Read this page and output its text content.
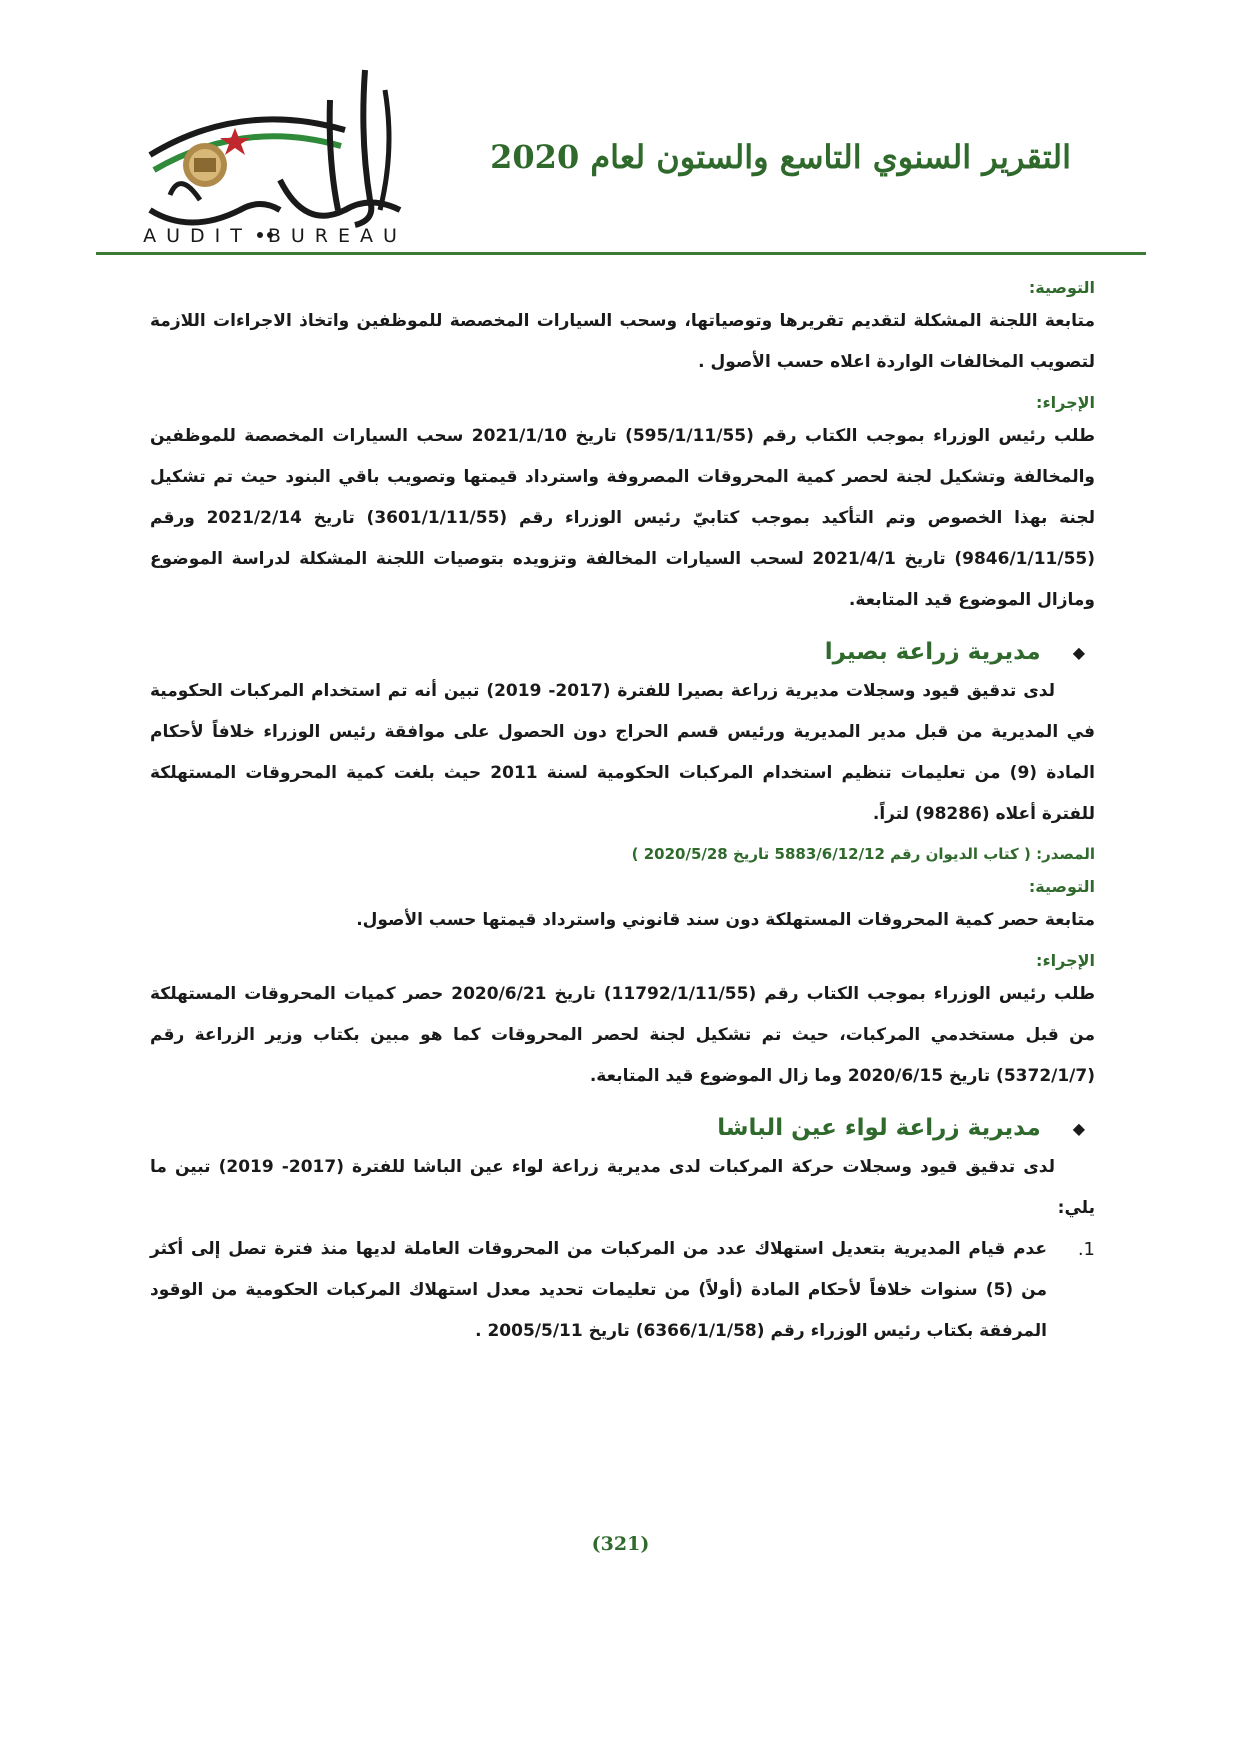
AUDIT BUREAU
التقرير السنوي التاسع والستون لعام 2020
التوصية:

متابعة اللجنة المشكلة لتقديم تقريرها وتوصياتها، وسحب السيارات المخصصة للموظفين واتخاذ الاجراءات اللازمة لتصويب المخالفات الواردة اعلاه حسب الأصول .

الإجراء:

طلب رئيس الوزراء بموجب الكتاب رقم (595/1/11/55) تاريخ 2021/1/10 سحب السيارات المخصصة للموظفين والمخالفة وتشكيل لجنة لحصر كمية المحروقات المصروفة واسترداد قيمتها وتصويب باقي البنود حيث تم تشكيل لجنة بهذا الخصوص وتم التأكيد بموجب كتابيّ رئيس الوزراء رقم (3601/1/11/55) تاريخ 2021/2/14 ورقم (9846/1/11/55) تاريخ 2021/4/1 لسحب السيارات المخالفة وتزويده بتوصيات اللجنة المشكلة لدراسة الموضوع ومازال الموضوع قيد المتابعة.

◆
مديرية زراعة بصيرا

لدى تدقيق قيود وسجلات مديرية زراعة بصيرا للفترة (2017- 2019) تبين أنه تم استخدام المركبات الحكومية في المديرية من قبل مدير المديرية ورئيس قسم الحراج دون الحصول على موافقة رئيس الوزراء خلافاً لأحكام المادة (9) من تعليمات تنظيم استخدام المركبات الحكومية لسنة 2011 حيث بلغت كمية المحروقات المستهلكة للفترة أعلاه (98286) لتراً.

المصدر: ( كتاب الديوان رقم 5883/6/12/12 تاريخ 2020/5/28 )
التوصية:

متابعة حصر كمية المحروقات المستهلكة دون سند قانوني واسترداد قيمتها حسب الأصول.

الإجراء:

طلب رئيس الوزراء بموجب الكتاب رقم (11792/1/11/55) تاريخ 2020/6/21 حصر كميات المحروقات المستهلكة من قبل مستخدمي المركبات، حيث تم تشكيل لجنة لحصر المحروقات كما هو مبين بكتاب وزير الزراعة رقم (5372/1/7) تاريخ 2020/6/15 وما زال الموضوع قيد المتابعة.

◆
مديرية زراعة لواء عين الباشا

لدى تدقيق قيود وسجلات حركة المركبات لدى مديرية زراعة لواء عين الباشا للفترة (2017- 2019) تبين ما يلي:

1.

عدم قيام المديرية بتعديل استهلاك عدد من المركبات من المحروقات العاملة لديها منذ فترة تصل إلى أكثر من (5) سنوات خلافاً لأحكام المادة (أولاً) من تعليمات تحديد معدل استهلاك المركبات الحكومية من الوقود المرفقة بكتاب رئيس الوزراء رقم (6366/1/1/58) تاريخ 2005/5/11 .

(321)
